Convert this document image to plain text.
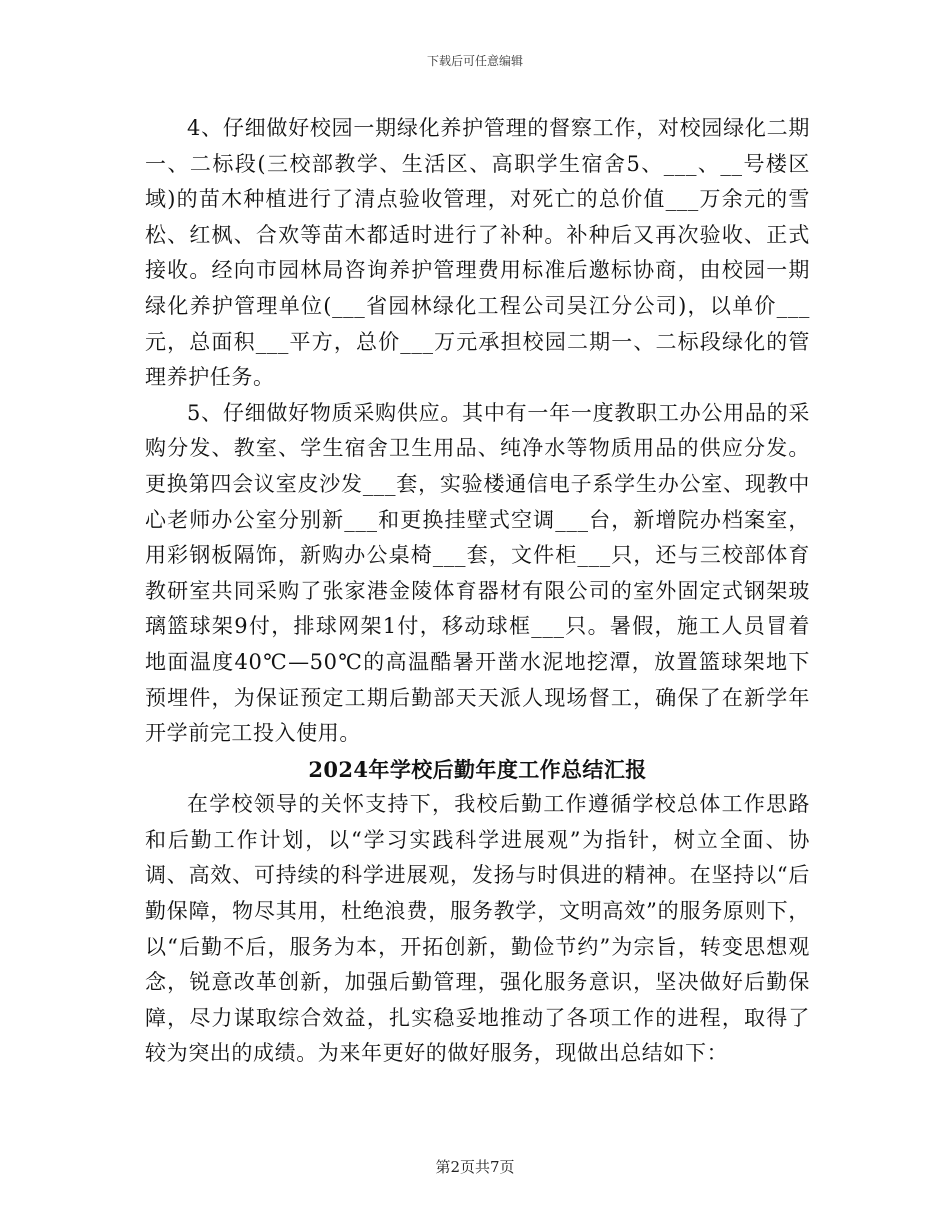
下载后可任意编辑

4、仔细做好校园一期绿化养护管理的督察工作，对校园绿化二期一、二标段(三校部教学、生活区、高职学生宿舍5、___、__号楼区域)的苗木种植进行了清点验收管理，对死亡的总价值___万余元的雪松、红枫、合欢等苗木都适时进行了补种。补种后又再次验收、正式接收。经向市园林局咨询养护管理费用标准后邀标协商，由校园一期绿化养护管理单位(___省园林绿化工程公司吴江分公司)，以单价___元，总面积___平方，总价___万元承担校园二期一、二标段绿化的管理养护任务。

5、仔细做好物质采购供应。其中有一年一度教职工办公用品的采购分发、教室、学生宿舍卫生用品、纯净水等物质用品的供应分发。更换第四会议室皮沙发___套，实验楼通信电子系学生办公室、现教中心老师办公室分别新___和更换挂壁式空调___台，新增院办档案室，用彩钢板隔饰，新购办公桌椅___套，文件柜___只，还与三校部体育教研室共同采购了张家港金陵体育器材有限公司的室外固定式钢架玻璃篮球架9付，排球网架1付，移动球框___只。暑假，施工人员冒着地面温度40℃—50℃的高温酷暑开凿水泥地挖潭，放置篮球架地下预埋件，为保证预定工期后勤部天天派人现场督工，确保了在新学年开学前完工投入使用。

2024年学校后勤年度工作总结汇报

在学校领导的关怀支持下，我校后勤工作遵循学校总体工作思路和后勤工作计划，以“学习实践科学进展观”为指针，树立全面、协调、高效、可持续的科学进展观，发扬与时俱进的精神。在坚持以“后勤保障，物尽其用，杜绝浪费，服务教学，文明高效”的服务原则下，以“后勤不后，服务为本，开拓创新，勤俭节约”为宗旨，转变思想观念，锐意改革创新，加强后勤管理，强化服务意识，坚决做好后勤保障，尽力谋取综合效益，扎实稳妥地推动了各项工作的进程，取得了较为突出的成绩。为来年更好的做好服务，现做出总结如下：

第2页共7页
